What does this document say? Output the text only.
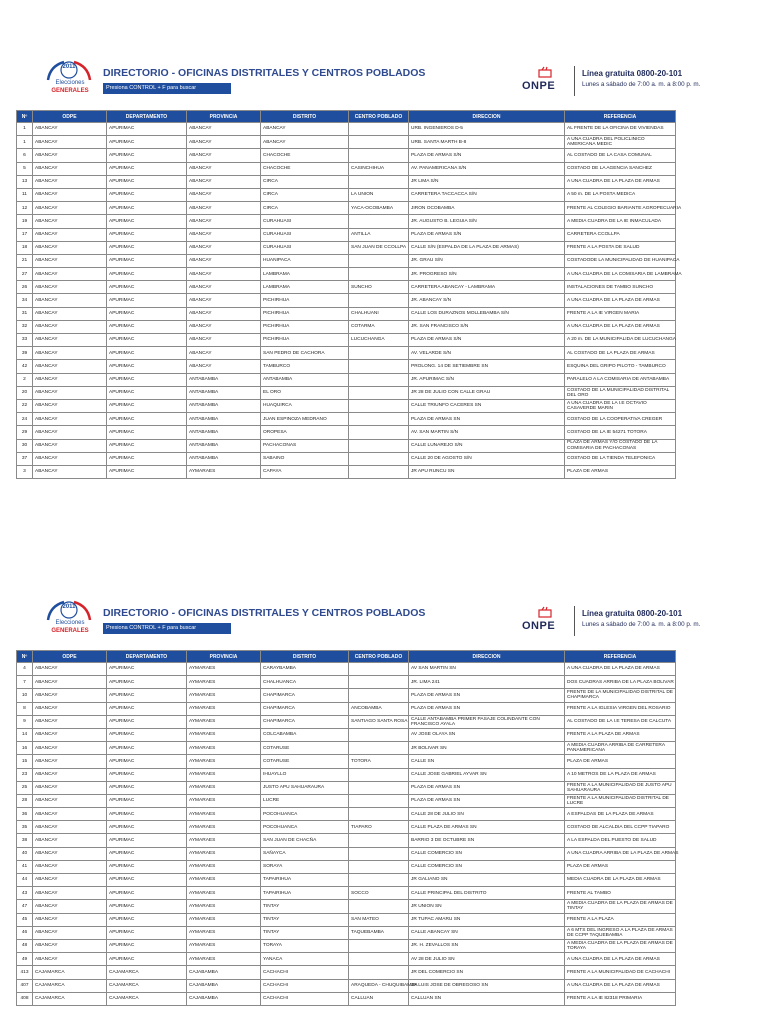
2011
Elecciones
GENERALES
DIRECTORIO - OFICINAS DISTRITALES Y CENTROS POBLADOS
Presiona CONTROL + F para buscar	ONPE
Línea gratuita 0800-20-101
Lunes a sábado de 7:00 a. m. a 8:00 p. m.
Nº	ODPE	DEPARTAMENTO	PROVINCIA	DISTRITO	CENTRO POBLADO	DIRECCION	REFERENCIA
1	ABANCAY	APURIMAC	ABANCAY	ABANCAY		URB. INGENIEROS D-5	AL FRENTE DE LA OFICINA DE VIVIENDAS
1	ABANCAY	APURIMAC	ABANCAY	ABANCAY		URB. SANTA MARTH B-8	A UNA CUADRA DEL POLICLINICO AMERICANA MEDIC
6	ABANCAY	APURIMAC	ABANCAY	CHACOCHE		PLAZA DE ARMAS S/N	AL COSTADO DE LA CASA COMUNAL
5	ABANCAY	APURIMAC	ABANCAY	CHACOCHE	CASINCHIHUA	AV. PANAMERICANA S/N	COSTADO DE LA AGENCIA SANCHEZ
13	ABANCAY	APURIMAC	ABANCAY	CIRCA		JR LIMA S/N	A UNA CUADRA DE LA PLAZA DE ARMAS
11	ABANCAY	APURIMAC	ABANCAY	CIRCA	LA UNION	CARRETERA TACCACCA S/N	A 50 m. DE LA POSTA MEDICA
12	ABANCAY	APURIMAC	ABANCAY	CIRCA	YACA-OCOBAMBA	JIRON OCOBAMBA	FRENTE AL COLEGIO BARIANTE AGROPECUARIA
19	ABANCAY	APURIMAC	ABANCAY	CURAHUASI		JR. AUGUSTO B. LEGUIA S/N	A MEDIA CUADRA DE LA IE INMACULADA
17	ABANCAY	APURIMAC	ABANCAY	CURAHUASI	ANTILLA	PLAZA DE ARMAS S/N	CARRETERA CCOLLPA
18	ABANCAY	APURIMAC	ABANCAY	CURAHUASI	SAN JUAN DE CCOLLPA	CALLE S/N (ESPALDA DE LA PLAZA DE ARMAS)	FRENTE A LA POSTA DE SALUD
21	ABANCAY	APURIMAC	ABANCAY	HUANIPACA		JR. GRAU S/N	COSTADODE LA MUNICIPALIDAD DE HUANIPACA
27	ABANCAY	APURIMAC	ABANCAY	LAMBRAMA		JR. PROGRESO S/N	A UNA CUADRA DE LA COMISARIA DE LAMBRAMA
26	ABANCAY	APURIMAC	ABANCAY	LAMBRAMA	SUNCHO	CARRETERA ABANCAY - LAMBRAMA	INSTALACIONES DE TAMBO SUNCHO
34	ABANCAY	APURIMAC	ABANCAY	PICHIRHUA		JR. ABANCAY S/N	A UNA CUADRA DE LA PLAZA DE ARMAS
31	ABANCAY	APURIMAC	ABANCAY	PICHIRHUA	CHALHUANI	CALLE LOS DURAZNOS MOLLEBAMBA S/N	FRENTE A LA IE VIRGEN MARIA
32	ABANCAY	APURIMAC	ABANCAY	PICHIRHUA	COTARMA	JR. SAN FRANCISCO S/N	A UNA CUADRA DE LA PLAZA DE ARMAS
33	ABANCAY	APURIMAC	ABANCAY	PICHIRHUA	LUCUCHANGA	PLAZA DE ARMAS S/N	A 20 m. DE LA MUNICIPALIDA DE LUCUCHANGA
39	ABANCAY	APURIMAC	ABANCAY	SAN PEDRO DE CACHORA		AV. VELARDE S/N	AL COSTADO DE LA PLAZA DE ARMAS
42	ABANCAY	APURIMAC	ABANCAY	TAMBURCO		PROLONG. 14 DE SETIEMBRE SN	ESQUINA DEL GRIPO PILOTO - TAMBURCO
2	ABANCAY	APURIMAC	ANTABAMBA	ANTABAMBA		JR. APURIMAC S/N	PARALELO A LA COMISARIA DE ANTABAMBA
20	ABANCAY	APURIMAC	ANTABAMBA	EL ORO		JR 28 DE JULIO CON CALLE GRAU	COSTADO DE LA MUNICIPALIDAD DISTRITAL DEL ORO
22	ABANCAY	APURIMAC	ANTABAMBA	HUAQUIRCA		CALLE TRIUNFO CACERES SN	A UNA CUADRA DE LA I.E OCTAVIO CASAVERDE MARIN
24	ABANCAY	APURIMAC	ANTABAMBA	JUAN ESPINOZA MEDRANO		PLAZA DE ARMAS SN	COSTADO DE LA COOPERATIVA CREGER
29	ABANCAY	APURIMAC	ANTABAMBA	OROPESA		AV. SAN MARTIN S/N	COSTADO DE LA IE 54271 TOTORA
30	ABANCAY	APURIMAC	ANTABAMBA	PACHACONAS		CALLE LUNAREJO S/N	PLAZA DE ARMAS Y/O COSTADO DE LA COMISARIA DE PACHACONAS
37	ABANCAY	APURIMAC	ANTABAMBA	SABAINO		CALLE 20 DE AGOSTO S/N	COSTADO DE LA TIENDA TELEFONICA
3	ABANCAY	APURIMAC	AYMARAES	CAPAYA		JR APU RUNCU SN	PLAZA DE ARMAS
2011
Elecciones
GENERALES
DIRECTORIO - OFICINAS DISTRITALES Y CENTROS POBLADOS
Presiona CONTROL + F para buscar	ONPE
Línea gratuita 0800-20-101
Lunes a sábado de 7:00 a. m. a 8:00 p. m.
Nº	ODPE	DEPARTAMENTO	PROVINCIA	DISTRITO	CENTRO POBLADO	DIRECCION	REFERENCIA
4	ABANCAY	APURIMAC	AYMARAES	CARAYBAMBA		AV SAN MARTIN SN	A UNA CUADRA DE LA PLAZA DE ARMAS
7	ABANCAY	APURIMAC	AYMARAES	CHALHUANCA		JR. LIMA 241	DOS CUADRAS ARRIBA DE LA PLAZA BOLIVAR
10	ABANCAY	APURIMAC	AYMARAES	CHAPIMARCA		PLAZA DE ARMAS SN	FRENTE DE LA MUNICIPALIDAD DISTRITAL DE CHAPIMARCA
8	ABANCAY	APURIMAC	AYMARAES	CHAPIMARCA	ANCOBAMBA	PLAZA DE ARMAS SN	FRENTE A LA IGLESIA VIRGEN DEL ROSARIO
9	ABANCAY	APURIMAC	AYMARAES	CHAPIMARCA	SANTIAGO SANTA ROSA	CALLE ANTABAMBA PRIMER PASAJE COLINDANTE CON FRANCISCO AYALA	AL COSTADO DE LA I.E TERESA DE CALCUTA
14	ABANCAY	APURIMAC	AYMARAES	COLCABAMBA		AV JOSE OLAYA SN	FRENTE A LA PLAZA DE ARMAS
16	ABANCAY	APURIMAC	AYMARAES	COTARUSE		JR BOLIVAR SN	A MEDIA CUADRA ARRIBA DE CARRETERA PANAMERICANA
15	ABANCAY	APURIMAC	AYMARAES	COTARUSE	TOTORA	CALLE SN	PLAZA DE ARMAS
23	ABANCAY	APURIMAC	AYMARAES	IHUAYLLO		CALLE JOSE GABRIEL AYVAR SN	A 10 METROS DE LA PLAZA DE ARMAS
25	ABANCAY	APURIMAC	AYMARAES	JUSTO APU SAHUARAURA		PLAZA DE ARMAS SN	FRENTE A LA MUNICIPALIDAD DE JUSTO APU SAHUARAURA
28	ABANCAY	APURIMAC	AYMARAES	LUCRE		PLAZA DE ARMAS SN	FRENTE A LA MUNICIPALIDAD DISTRITAL DE LUCRE
36	ABANCAY	APURIMAC	AYMARAES	POCOHUANCA		CALLE 28 DE JULIO SN	A ESPALDAS DE LA PLAZA DE ARMAS
35	ABANCAY	APURIMAC	AYMARAES	POCOHUANCA	TIAPARO	CALLE PLAZA DE ARMAS SN	COSTADO DE ALCALDIA DEL CCPP TIAPARO
38	ABANCAY	APURIMAC	AYMARAES	SAN JUAN DE CHACÑA		BARRIO 3 DE OCTUBRE SN	A LA ESPALDA DEL PUESTO DE SALUD
40	ABANCAY	APURIMAC	AYMARAES	SAÑAYCA		CALLE COMERCIO SN	A UNA CUADRA ARRIBA DE LA PLAZA DE ARMAS
41	ABANCAY	APURIMAC	AYMARAES	SORAYA		CALLE COMERCIO SN	PLAZA DE ARMAS
44	ABANCAY	APURIMAC	AYMARAES	TAPAIRIHUA		JR GALIANO SN	MEDIA CUADRA DE LA PLAZA DE ARMAS
43	ABANCAY	APURIMAC	AYMARAES	TAPAIRIHUA	SOCCO	CALLE PRINCIPAL DEL DISTRITO	FRENTE AL TAMBO
47	ABANCAY	APURIMAC	AYMARAES	TINTAY		JR UNION SN	A MEDIA CUADRA DE LA PLAZA DE ARMAS DE TINTAY
45	ABANCAY	APURIMAC	AYMARAES	TINTAY	SAN MATEO	JR TUPAC AMARU SN	FRENTE A LA PLAZA
46	ABANCAY	APURIMAC	AYMARAES	TINTAY	TAQUEBAMBA	CALLE ABANCAY SN	A 6 MTS DEL INGRESO A LA PLAZA DE ARMAS DE CCPP TAQUEBAMBA
48	ABANCAY	APURIMAC	AYMARAES	TORAYA		JR. H. ZEVALLOS SN	A MEDIA CUADRA DE LA PLAZA DE ARMAS DE TORAYA
49	ABANCAY	APURIMAC	AYMARAES	YANACA		AV 28 DE JULIO SN	A UNA CUADRA DE LA PLAZA DE ARMAS
413	CAJAMARCA	CAJAMARCA	CAJABAMBA	CACHACHI		JR DEL COMERCIO SN	FRENTE A LA MUNICIPALIDAD DE CACHACHI
407	CAJAMARCA	CAJAMARCA	CAJABAMBA	CACHACHI	ARAQUEDA - CHUQUIBAMBA	JR LUIS JOSE DE OBREGOSO SN	A UNA CUADRA DE LA PLAZA DE ARMAS
408	CAJAMARCA	CAJAMARCA	CAJABAMBA	CACHACHI	CALLUAN	CALLUAN SN	FRENTE A LA IE 82318 PRIMARIA
